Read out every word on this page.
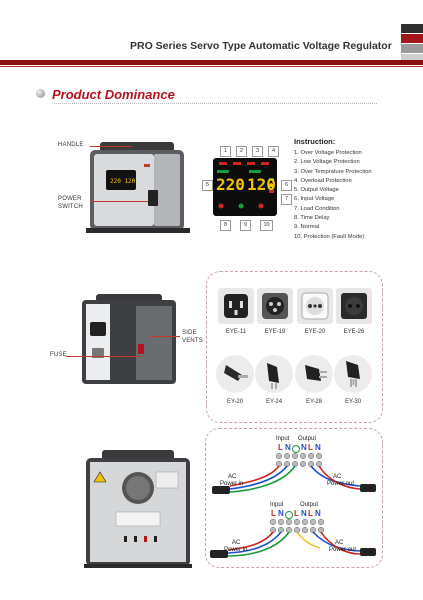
PRO Series Servo Type Automatic Voltage Regulator
Product Dominance
220 120
HANDLE
POWER
SWITCH
1	2	3	4
5	6
7
8	9	10
220 120
Instruction:
1. Over Voltage Protection
2. Low Voltage Protection
3. Over Temprature Protection
4. Overload Protection
5. Output Voltage
6. Input Voltage
7. Load Condition
8. Time Delay
9. Normal
10. Protection (Fault Mode)
SIDE
VENTS
FUSE
EYE-11	EYE-19	EYE-20	EYE-26
EY-20	EY-24	EY-28	EY-30
Input Output
L N N L N
AC
Power in
AC
Power out
Input	Output
L N L N L N
AC
Power in
AC
Power out
